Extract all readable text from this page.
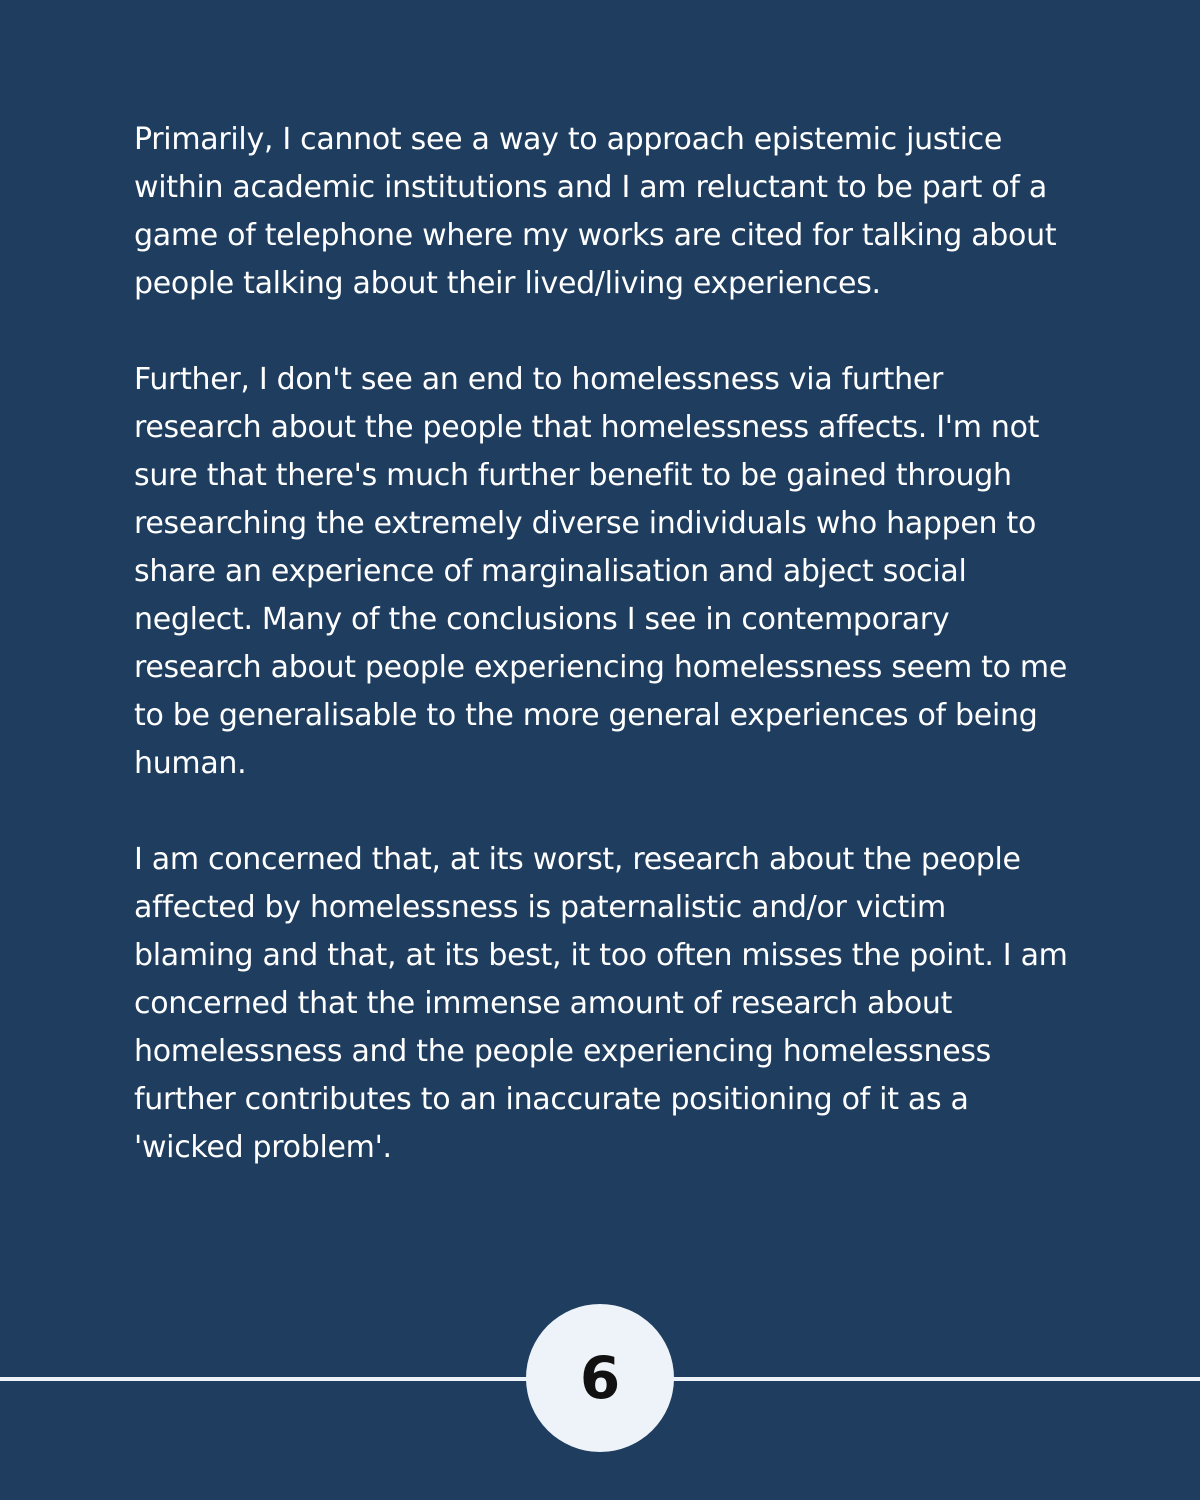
Primarily, I cannot see a way to approach epistemic justice within academic institutions and I am reluctant to be part of a game of telephone where my works are cited for talking about people talking about their lived/living experiences.

Further, I don't see an end to homelessness via further research about the people that homelessness affects. I'm not sure that there's much further benefit to be gained through researching the extremely diverse individuals who happen to share an experience of marginalisation and abject social neglect. Many of the conclusions I see in contemporary research about people experiencing homelessness seem to me to be generalisable to the more general experiences of being human.

I am concerned that, at its worst, research about the people affected by homelessness is paternalistic and/or victim blaming and that, at its best, it too often misses the point. I am concerned that the immense amount of research about homelessness and the people experiencing homelessness further contributes to an inaccurate positioning of it as a 'wicked problem'.

6
